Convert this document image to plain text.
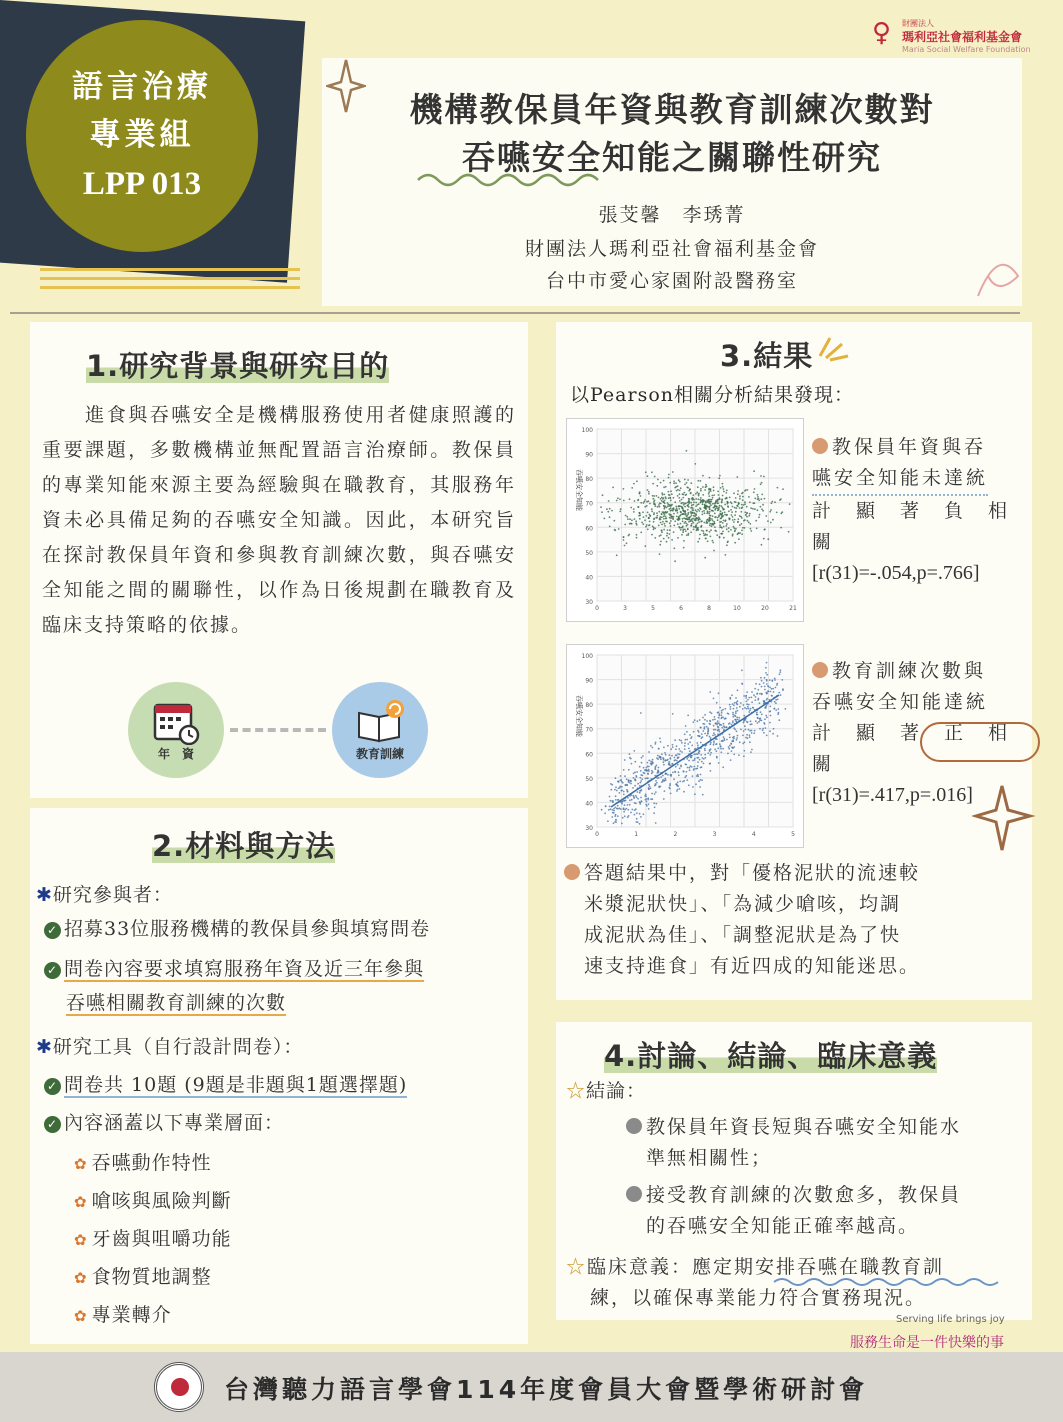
語言治療
專業組
LPP 013
♀	財團法人
瑪利亞社會福利基金會
Maria Social Welfare Foundation
機構教保員年資與教育訓練次數對
吞嚥安全知能之關聯性研究
張芠馨　李琇菁
財團法人瑪利亞社會福利基金會
台中市愛心家園附設醫務室
1.研究背景與研究目的
　　進食與吞嚥安全是機構服務使用者健康照護的重要課題，多數機構並無配置語言治療師。教保員的專業知能來源主要為經驗與在職教育，其服務年資未必具備足夠的吞嚥安全知識。因此，本研究旨在探討教保員年資和參與教育訓練次數，與吞嚥安全知能之間的關聯性，以作為日後規劃在職教育及臨床支持策略的依據。
年　資	教育訓練
2.材料與方法
✱研究參與者：
✓ 招募33位服務機構的教保員參與填寫問卷
✓ 問卷內容要求填寫服務年資及近三年參與
吞嚥相關教育訓練的次數
✱研究工具（自行設計問卷）：
✓ 問卷共 10題 (9題是非題與1題選擇題)
✓ 內容涵蓋以下專業層面：
✿ 吞嚥動作特性
✿ 嗆咳與風險判斷
✿ 牙齒與咀嚼功能
✿ 食物質地調整
✿ 專業轉介
3.結果
以Pearson相關分析結果發現：
30
40
50
60
70
80
90
100
0	3	5	6	8	10	20	21
吞嚥安全知能
30
40
50
60
70
80
90
100
0	1	2	3	4	5
吞嚥安全知能
教保員年資與吞
嚥安全知能未達統
計　顯　著　負　相　關
[r(31)=-.054,p=.766]
教育訓練次數與
吞嚥安全知能達統
計　顯　著　正　相　關
[r(31)=.417,p=.016]
答題結果中，對「優格泥狀的流速較
米漿泥狀快」、「為減少嗆咳，均調
成泥狀為佳」、「調整泥狀是為了快
速支持進食」有近四成的知能迷思。
4.討論、結論、臨床意義
☆結論：
教保員年資長短與吞嚥安全知能水
準無相關性；
接受教育訓練的次數愈多，教保員
的吞嚥安全知能正確率越高。
☆臨床意義：應定期安排吞嚥在職教育訓
練，以確保專業能力符合實務現況。
Serving life brings joy
服務生命是一件快樂的事
台灣聽力語言學會114年度會員大會暨學術研討會
